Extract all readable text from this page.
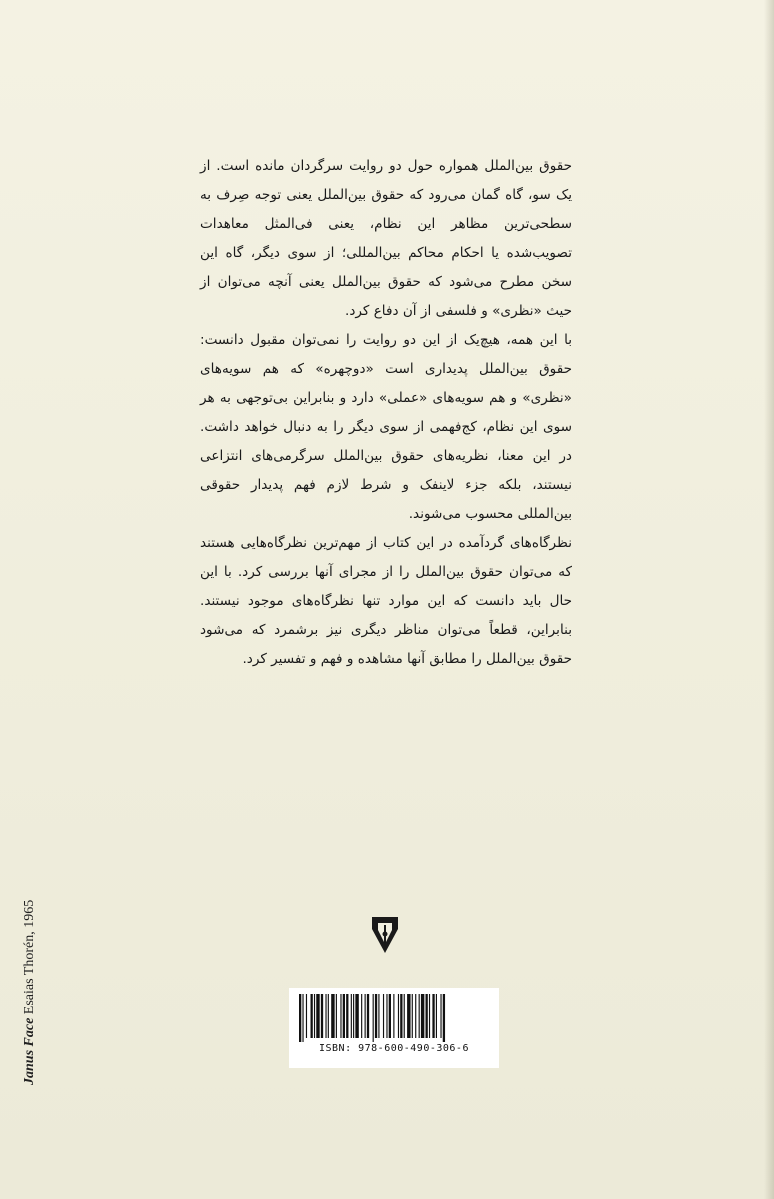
حقوق بین‌الملل همواره حول دو روایت سرگردان مانده است. از یک سو، گاه گمان می‌رود که حقوق بین‌الملل یعنی توجه صِرف به سطحی‌ترین مظاهر این نظام، یعنی فی‌المثل معاهدات تصویب‌شده یا احکام محاکم بین‌المللی؛ از سوی دیگر، گاه این سخن مطرح می‌شود که حقوق بین‌الملل یعنی آنچه می‌توان از حیث «نظری» و فلسفی از آن دفاع کرد.

با این همه، هیچ‌یک از این دو روایت را نمی‌توان مقبول دانست: حقوق بین‌الملل پدیداری است «دوچهره» که هم سویه‌های «نظری» و هم سویه‌های «عملی» دارد و بنابراین بی‌توجهی به هر سوی این نظام، کج‌فهمی از سوی دیگر را به دنبال خواهد داشت. در این معنا، نظریه‌های حقوق بین‌الملل سرگرمی‌های انتزاعی نیستند، بلکه جزء لاینفک و شرط لازم فهم پدیدار حقوقی بین‌المللی محسوب می‌شوند.

نظرگاه‌های گردآمده در این کتاب از مهم‌ترین نظرگاه‌هایی هستند که می‌توان حقوق بین‌الملل را از مجرای آنها بررسی کرد. با این حال باید دانست که این موارد تنها نظرگاه‌های موجود نیستند. بنابراین، قطعاً می‌توان مناظر دیگری نیز برشمرد که می‌شود حقوق بین‌الملل را مطابق آنها مشاهده و فهم و تفسیر کرد.

Janus Face Esaias Thorén, 1965
ISBN: 978-600-490-306-6
